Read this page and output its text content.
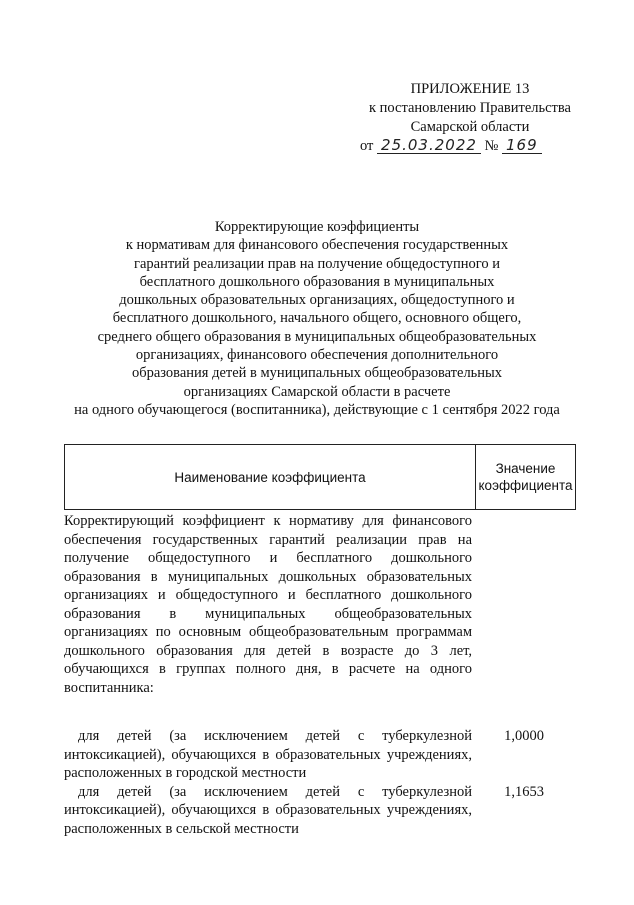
ПРИЛОЖЕНИЕ 13
к постановлению Правительства
Самарской области
от 25.03.2022 № 169
Корректирующие коэффициенты
к нормативам для финансового обеспечения государственных
гарантий реализации прав на получение общедоступного и
бесплатного дошкольного образования в муниципальных
дошкольных образовательных организациях, общедоступного и
бесплатного дошкольного, начального общего, основного общего,
среднего общего образования в муниципальных общеобразовательных
организациях, финансового обеспечения дополнительного
образования детей в муниципальных общеобразовательных
организациях Самарской области в расчете
на одного обучающегося (воспитанника), действующие с 1 сентября 2022 года
Наименование коэффициента
Значение
коэффициента
Корректирующий коэффициент к нормативу для финансового обеспечения государственных гарантий реализации прав на получение общедоступного и бесплатного дошкольного образования в муниципальных дошкольных образовательных организациях и общедоступного и бесплатного дошкольного образования в муниципальных общеобразовательных организациях по основным общеобразовательным программам дошкольного образования для детей в возрасте до 3 лет, обучающихся в группах полного дня, в расчете на одного воспитанника:
для детей (за исключением детей с туберкулезной интоксикацией), обучающихся в образовательных учреждениях, расположенных в городской местности
1,0000
для детей (за исключением детей с туберкулезной интоксикацией), обучающихся в образовательных учреждениях, расположенных в сельской местности
1,1653
